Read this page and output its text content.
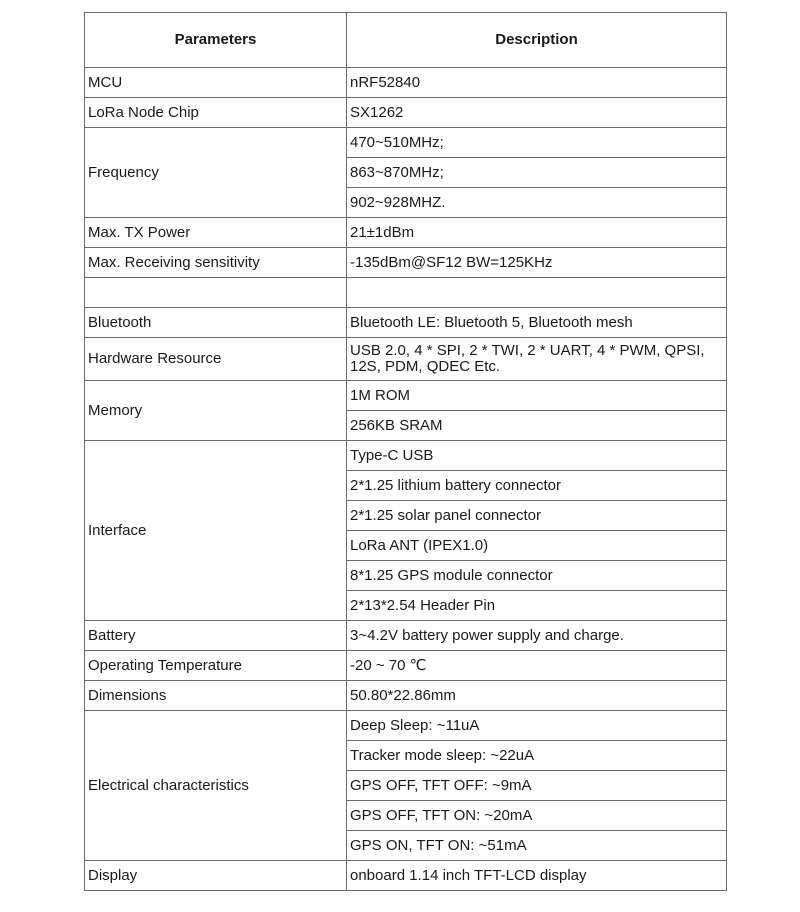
Parameters	Description
MCU	nRF52840
LoRa Node Chip	SX1262
Frequency	470~510MHz;
	863~870MHz;
	902~928MHZ.
Max. TX Power	21±1dBm
Max. Receiving sensitivity	-135dBm@SF12 BW=125KHz

Bluetooth	Bluetooth LE: Bluetooth 5, Bluetooth mesh
Hardware Resource	USB 2.0, 4 * SPI, 2 * TWI, 2 * UART, 4 * PWM, QPSI, 12S, PDM, QDEC Etc.
Memory	1M ROM
	256KB SRAM
Interface	Type-C USB
	2*1.25 lithium battery connector
	2*1.25 solar panel connector
	LoRa ANT (IPEX1.0)
	8*1.25 GPS module connector
	2*13*2.54 Header Pin
Battery	3~4.2V battery power supply and charge.
Operating Temperature	-20 ~ 70 ℃
Dimensions	50.80*22.86mm
Electrical characteristics	Deep Sleep: ~11uA
	Tracker mode sleep: ~22uA
	GPS OFF, TFT OFF: ~9mA
	GPS OFF, TFT ON: ~20mA
	GPS ON, TFT ON: ~51mA
Display	onboard 1.14 inch TFT-LCD display
